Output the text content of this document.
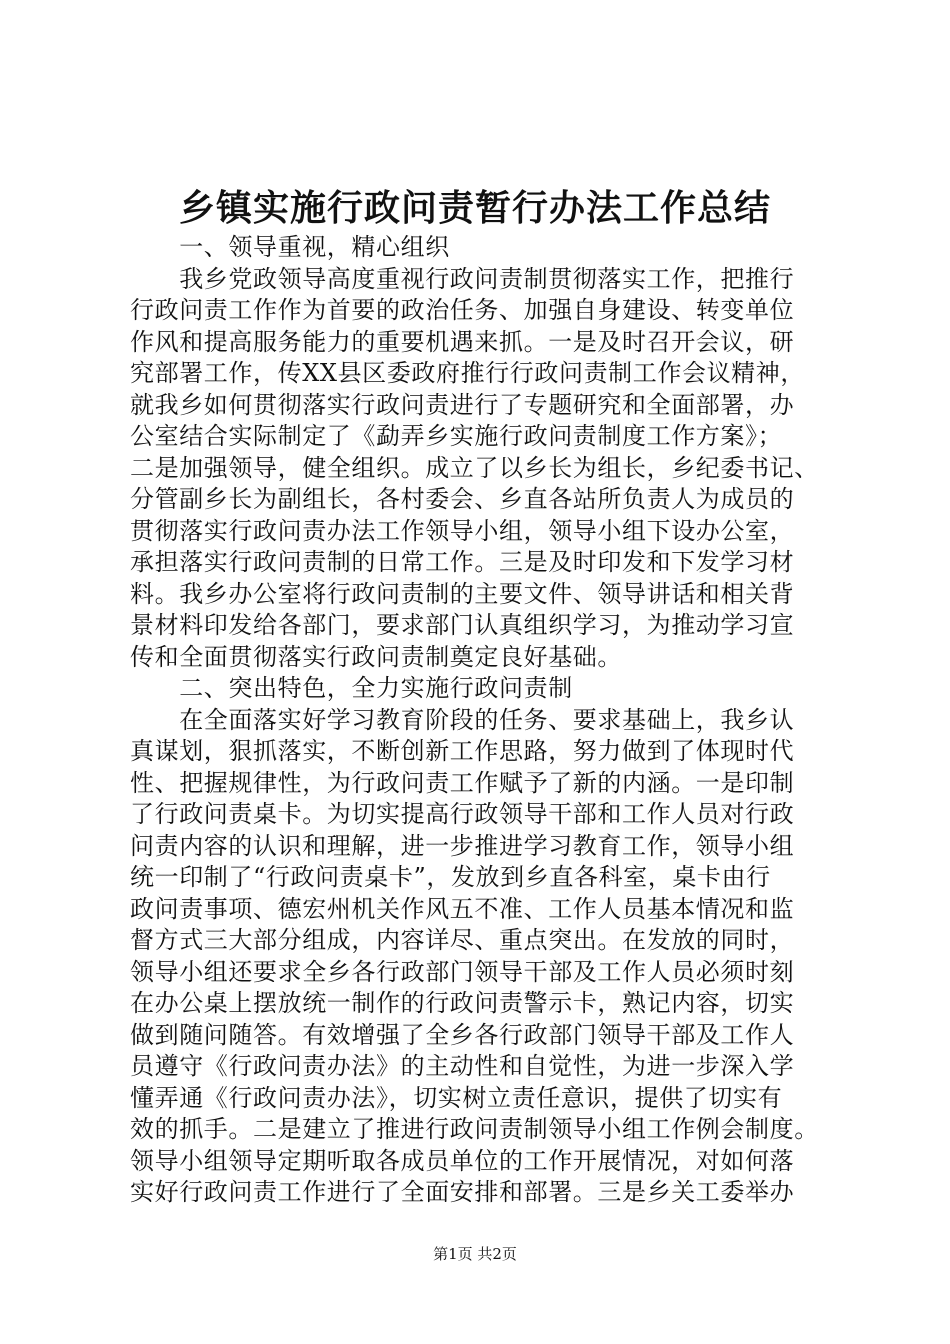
乡镇实施行政问责暂行办法工作总结
　　一、领导重视，精心组织
　　我乡党政领导高度重视行政问责制贯彻落实工作，把推行
行政问责工作作为首要的政治任务、加强自身建设、转变单位
作风和提高服务能力的重要机遇来抓。一是及时召开会议，研
究部署工作，传XX县区委政府推行行政问责制工作会议精神，
就我乡如何贯彻落实行政问责进行了专题研究和全面部署，办
公室结合实际制定了《勐弄乡实施行政问责制度工作方案》；
二是加强领导，健全组织。成立了以乡长为组长，乡纪委书记、
分管副乡长为副组长，各村委会、乡直各站所负责人为成员的
贯彻落实行政问责办法工作领导小组，领导小组下设办公室，
承担落实行政问责制的日常工作。三是及时印发和下发学习材
料。我乡办公室将行政问责制的主要文件、领导讲话和相关背
景材料印发给各部门，要求部门认真组织学习，为推动学习宣
传和全面贯彻落实行政问责制奠定良好基础。
　　二、突出特色，全力实施行政问责制
　　在全面落实好学习教育阶段的任务、要求基础上，我乡认
真谋划，狠抓落实，不断创新工作思路，努力做到了体现时代
性、把握规律性，为行政问责工作赋予了新的内涵。一是印制
了行政问责桌卡。为切实提高行政领导干部和工作人员对行政
问责内容的认识和理解，进一步推进学习教育工作，领导小组
统一印制了“行政问责桌卡”，发放到乡直各科室，桌卡由行
政问责事项、德宏州机关作风五不准、工作人员基本情况和监
督方式三大部分组成，内容详尽、重点突出。在发放的同时，
领导小组还要求全乡各行政部门领导干部及工作人员必须时刻
在办公桌上摆放统一制作的行政问责警示卡，熟记内容，切实
做到随问随答。有效增强了全乡各行政部门领导干部及工作人
员遵守《行政问责办法》的主动性和自觉性，为进一步深入学
懂弄通《行政问责办法》，切实树立责任意识，提供了切实有
效的抓手。二是建立了推进行政问责制领导小组工作例会制度。
领导小组领导定期听取各成员单位的工作开展情况，对如何落
实好行政问责工作进行了全面安排和部署。三是乡关工委举办
第1页 共2页
